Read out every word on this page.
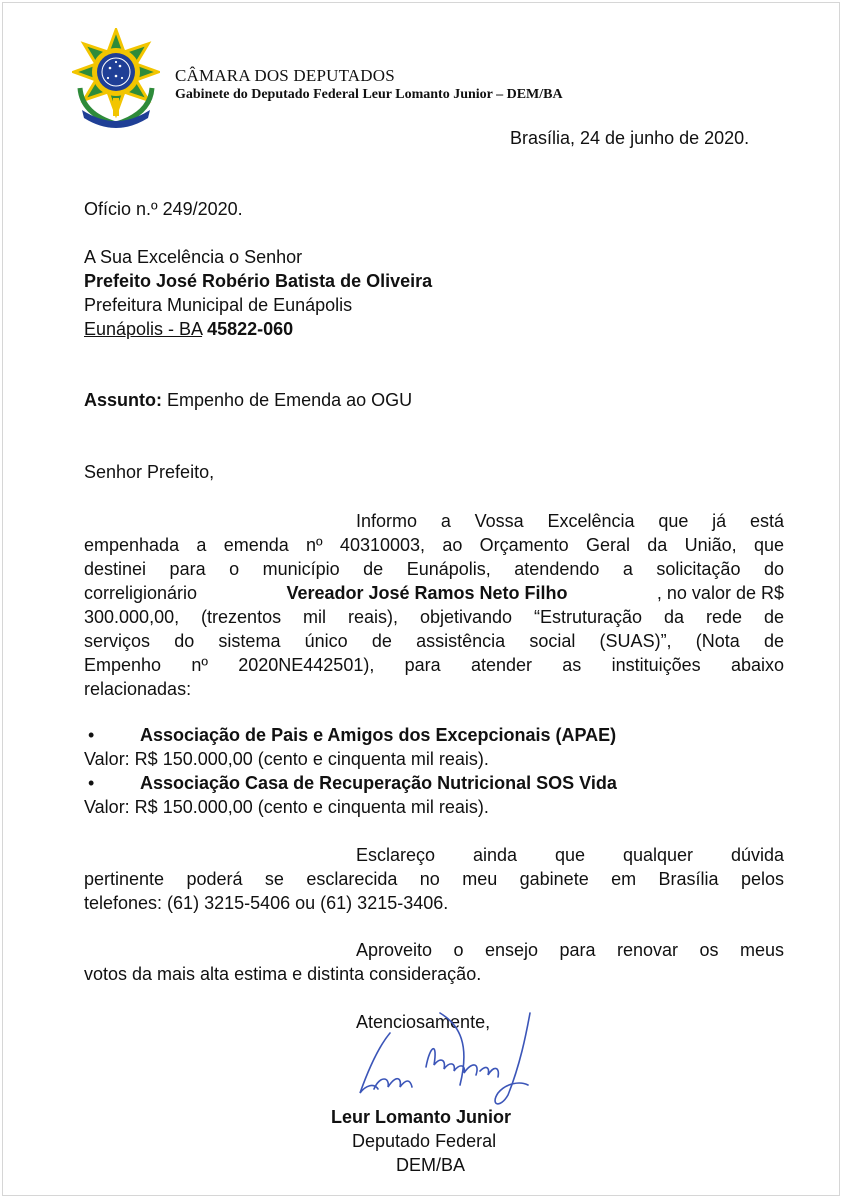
CÂMARA DOS DEPUTADOS
Gabinete do Deputado Federal Leur Lomanto Junior – DEM/BA
Brasília, 24 de junho de 2020.
Ofício n.º 249/2020.
A Sua Excelência o Senhor
Prefeito José Robério Batista de Oliveira
Prefeitura Municipal de Eunápolis
Eunápolis - BA 45822-060
Assunto: Empenho de Emenda ao OGU
Senhor Prefeito,
Informo a Vossa Excelência que já está
empenhada a emenda nº 40310003, ao Orçamento Geral da União, que
destinei para o município de Eunápolis, atendendo a solicitação do
correligionário	Vereador José Ramos Neto Filho	, no valor de R$
300.000,00, (trezentos mil reais), objetivando “Estruturação da rede de
serviços do sistema único de assistência social (SUAS)”, (Nota de
Empenho nº 2020NE442501), para atender as instituições abaixo
relacionadas:
•	Associação de Pais e Amigos dos Excepcionais (APAE)
Valor: R$ 150.000,00 (cento e cinquenta mil reais).
•	Associação Casa de Recuperação Nutricional SOS Vida
Valor: R$ 150.000,00 (cento e cinquenta mil reais).
Esclareço ainda que qualquer dúvida
pertinente poderá se esclarecida no meu gabinete em Brasília pelos
telefones: (61) 3215-5406 ou (61) 3215-3406.
Aproveito o ensejo para renovar os meus
votos da mais alta estima e distinta consideração.
Atenciosamente,
Leur Lomanto Junior
Deputado Federal
DEM/BA
